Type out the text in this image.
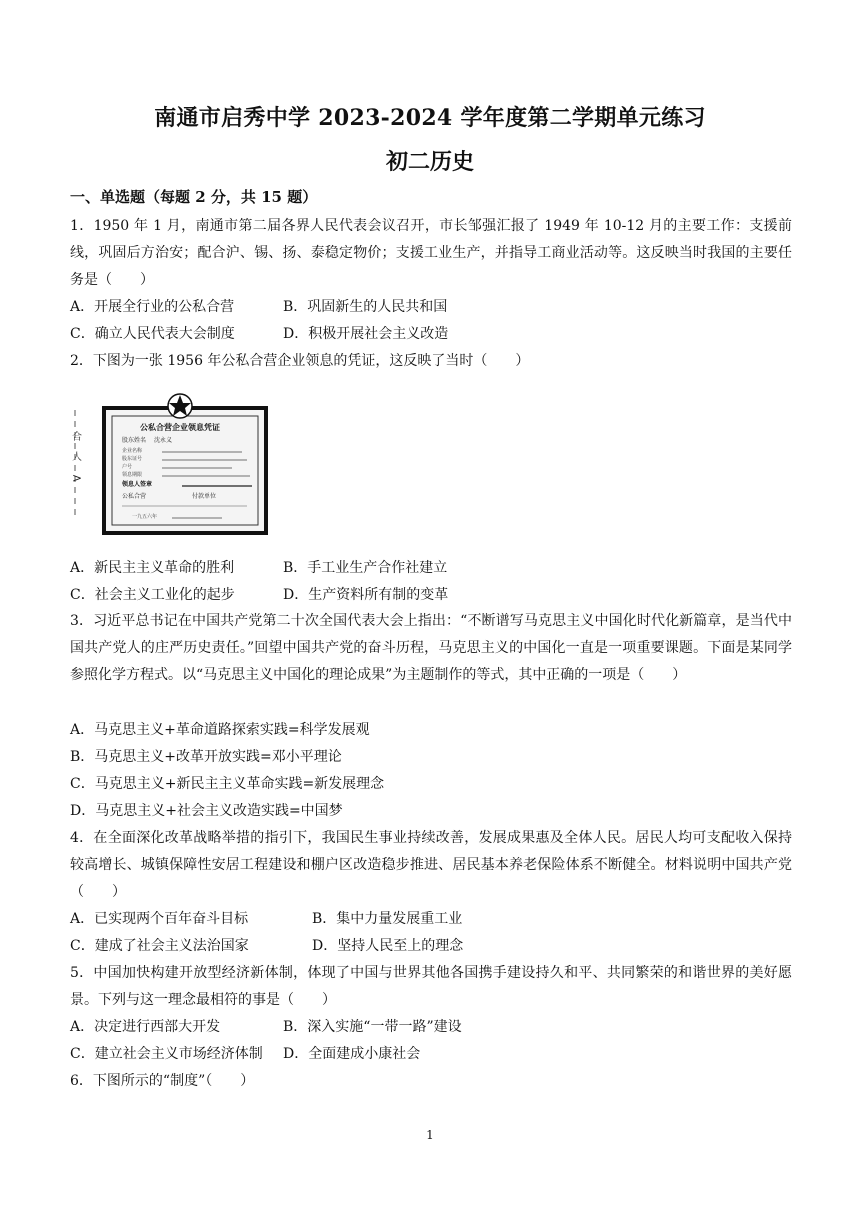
南通市启秀中学 2023-2024 学年度第二学期单元练习
初二历史
一、单选题（每题 2 分，共 15 题）

1．1950 年 1 月，南通市第二届各界人民代表会议召开，市长邹强汇报了 1949 年 10-12 月的主要工作：支援前线，巩固后方治安；配合沪、锡、扬、泰稳定物价；支援工业生产，并指导工商业活动等。这反映当时我国的主要任务是（　　）

A．开展全行业的公私合营	B．巩固新生的人民共和国
C．确立人民代表大会制度	D．积极开展社会主义改造
2．下图为一张 1956 年公私合营企业领息的凭证，这反映了当时（　　）
合
人
>
公私合营企业领息凭证
股东姓名 沈永义
企业名称
股东证号
户号
领息期限
领息人签章
公私合营	付款单位
一九五六年
A．新民主主义革命的胜利	B．手工业生产合作社建立
C．社会主义工业化的起步	D．生产资料所有制的变革

3．习近平总书记在中国共产党第二十次全国代表大会上指出：“不断谱写马克思主义中国化时代化新篇章，是当代中国共产党人的庄严历史责任。”回望中国共产党的奋斗历程，马克思主义的中国化一直是一项重要课题。下面是某同学参照化学方程式。以“马克思主义中国化的理论成果”为主题制作的等式，其中正确的一项是（　　）

A．马克思主义+革命道路探索实践=科学发展观
B．马克思主义+改革开放实践=邓小平理论
C．马克思主义+新民主主义革命实践=新发展理念
D．马克思主义+社会主义改造实践=中国梦

4．在全面深化改革战略举措的指引下，我国民生事业持续改善，发展成果惠及全体人民。居民人均可支配收入保持较高增长、城镇保障性安居工程建设和棚户区改造稳步推进、居民基本养老保险体系不断健全。材料说明中国共产党（　　）

A．已实现两个百年奋斗目标	B．集中力量发展重工业
C．建成了社会主义法治国家	D．坚持人民至上的理念

5．中国加快构建开放型经济新体制，体现了中国与世界其他各国携手建设持久和平、共同繁荣的和谐世界的美好愿景。下列与这一理念最相符的事是（　　）

A．决定进行西部大开发	B．深入实施“一带一路”建设
C．建立社会主义市场经济体制 D．全面建成小康社会
6．下图所示的“制度”（　　）
1
